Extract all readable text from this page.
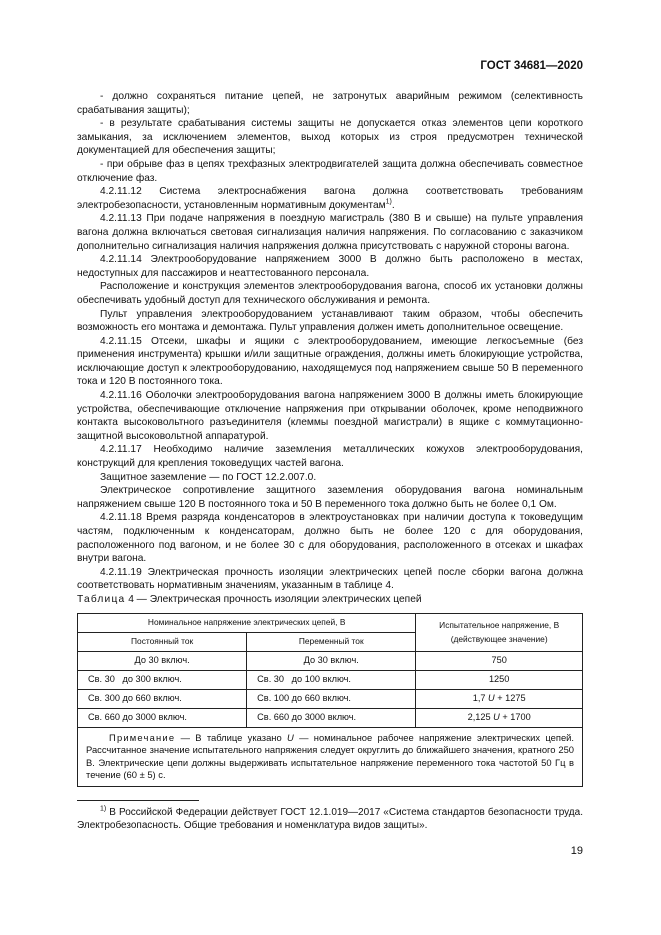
ГОСТ 34681—2020

- должно сохраняться питание цепей, не затронутых аварийным режимом (селективность срабатывания защиты);

- в результате срабатывания системы защиты не допускается отказ элементов цепи короткого замыкания, за исключением элементов, выход которых из строя предусмотрен технической документацией для обеспечения защиты;

- при обрыве фаз в цепях трехфазных электродвигателей защита должна обеспечивать совместное отключение фаз.

4.2.11.12 Система электроснабжения вагона должна соответствовать требованиям электробезопасности, установленным нормативным документам$^{1)}$.

4.2.11.13 При подаче напряжения в поездную магистраль (380 В и свыше) на пульте управления вагона должна включаться световая сигнализация наличия напряжения. По согласованию с заказчиком дополнительно сигнализация наличия напряжения должна присутствовать с наружной стороны вагона.

4.2.11.14 Электрооборудование напряжением 3000 В должно быть расположено в местах, недоступных для пассажиров и неаттестованного персонала.

Расположение и конструкция элементов электрооборудования вагона, способ их установки должны обеспечивать удобный доступ для технического обслуживания и ремонта.

Пульт управления электрооборудованием устанавливают таким образом, чтобы обеспечить возможность его монтажа и демонтажа. Пульт управления должен иметь дополнительное освещение.

4.2.11.15 Отсеки, шкафы и ящики с электрооборудованием, имеющие легкосъемные (без применения инструмента) крышки и/или защитные ограждения, должны иметь блокирующие устройства, исключающие доступ к электрооборудованию, находящемуся под напряжением свыше 50 В переменного тока и 120 В постоянного тока.

4.2.11.16 Оболочки электрооборудования вагона напряжением 3000 В должны иметь блокирующие устройства, обеспечивающие отключение напряжения при открывании оболочек, кроме неподвижного контакта высоковольтного разъединителя (клеммы поездной магистрали) в ящике с коммутационно-защитной высоковольтной аппаратурой.

4.2.11.17 Необходимо наличие заземления металлических кожухов электрооборудования, конструкций для крепления токоведущих частей вагона.

Защитное заземление — по ГОСТ 12.2.007.0.

Электрическое сопротивление защитного заземления оборудования вагона номинальным напряжением свыше 120 В постоянного тока и 50 В переменного тока должно быть не более 0,1 Ом.

4.2.11.18 Время разряда конденсаторов в электроустановках при наличии доступа к токоведущим частям, подключенным к конденсаторам, должно быть не более 120 с для оборудования, расположенного под вагоном, и не более 30 с для оборудования, расположенного в отсеках и шкафах внутри вагона.

4.2.11.19 Электрическая прочность изоляции электрических цепей после сборки вагона должна соответствовать нормативным значениям, указанным в таблице 4.

Таблица 4 — Электрическая прочность изоляции электрических цепей

Номинальное напряжение электрических цепей, В		Испытательное напряжение, В
(действующее значение)
Постоянный ток	Переменный ток	
До 30 включ.	До 30 включ.	750
Св. 30   до 300 включ.	Св. 30   до 100 включ.	1250
Св. 300 до 660 включ.	Св. 100 до 660 включ.	1,7 U + 1275
Св. 660 до 3000 включ.	Св. 660 до 3000 включ.	2,125 U + 1700
Примечание — В таблице указано U — номинальное рабочее напряжение электрических цепей. Рассчитанное значение испытательного напряжения следует округлить до ближайшего значения, кратного 250 В. Электрические цепи должны выдерживать испытательное напряжение переменного тока частотой 50 Гц в течение (60 ± 5) с.		

$^{1)}$ В Российской Федерации действует ГОСТ 12.1.019—2017 «Система стандартов безопасности труда. Электробезопасность. Общие требования и номенклатура видов защиты».

19
